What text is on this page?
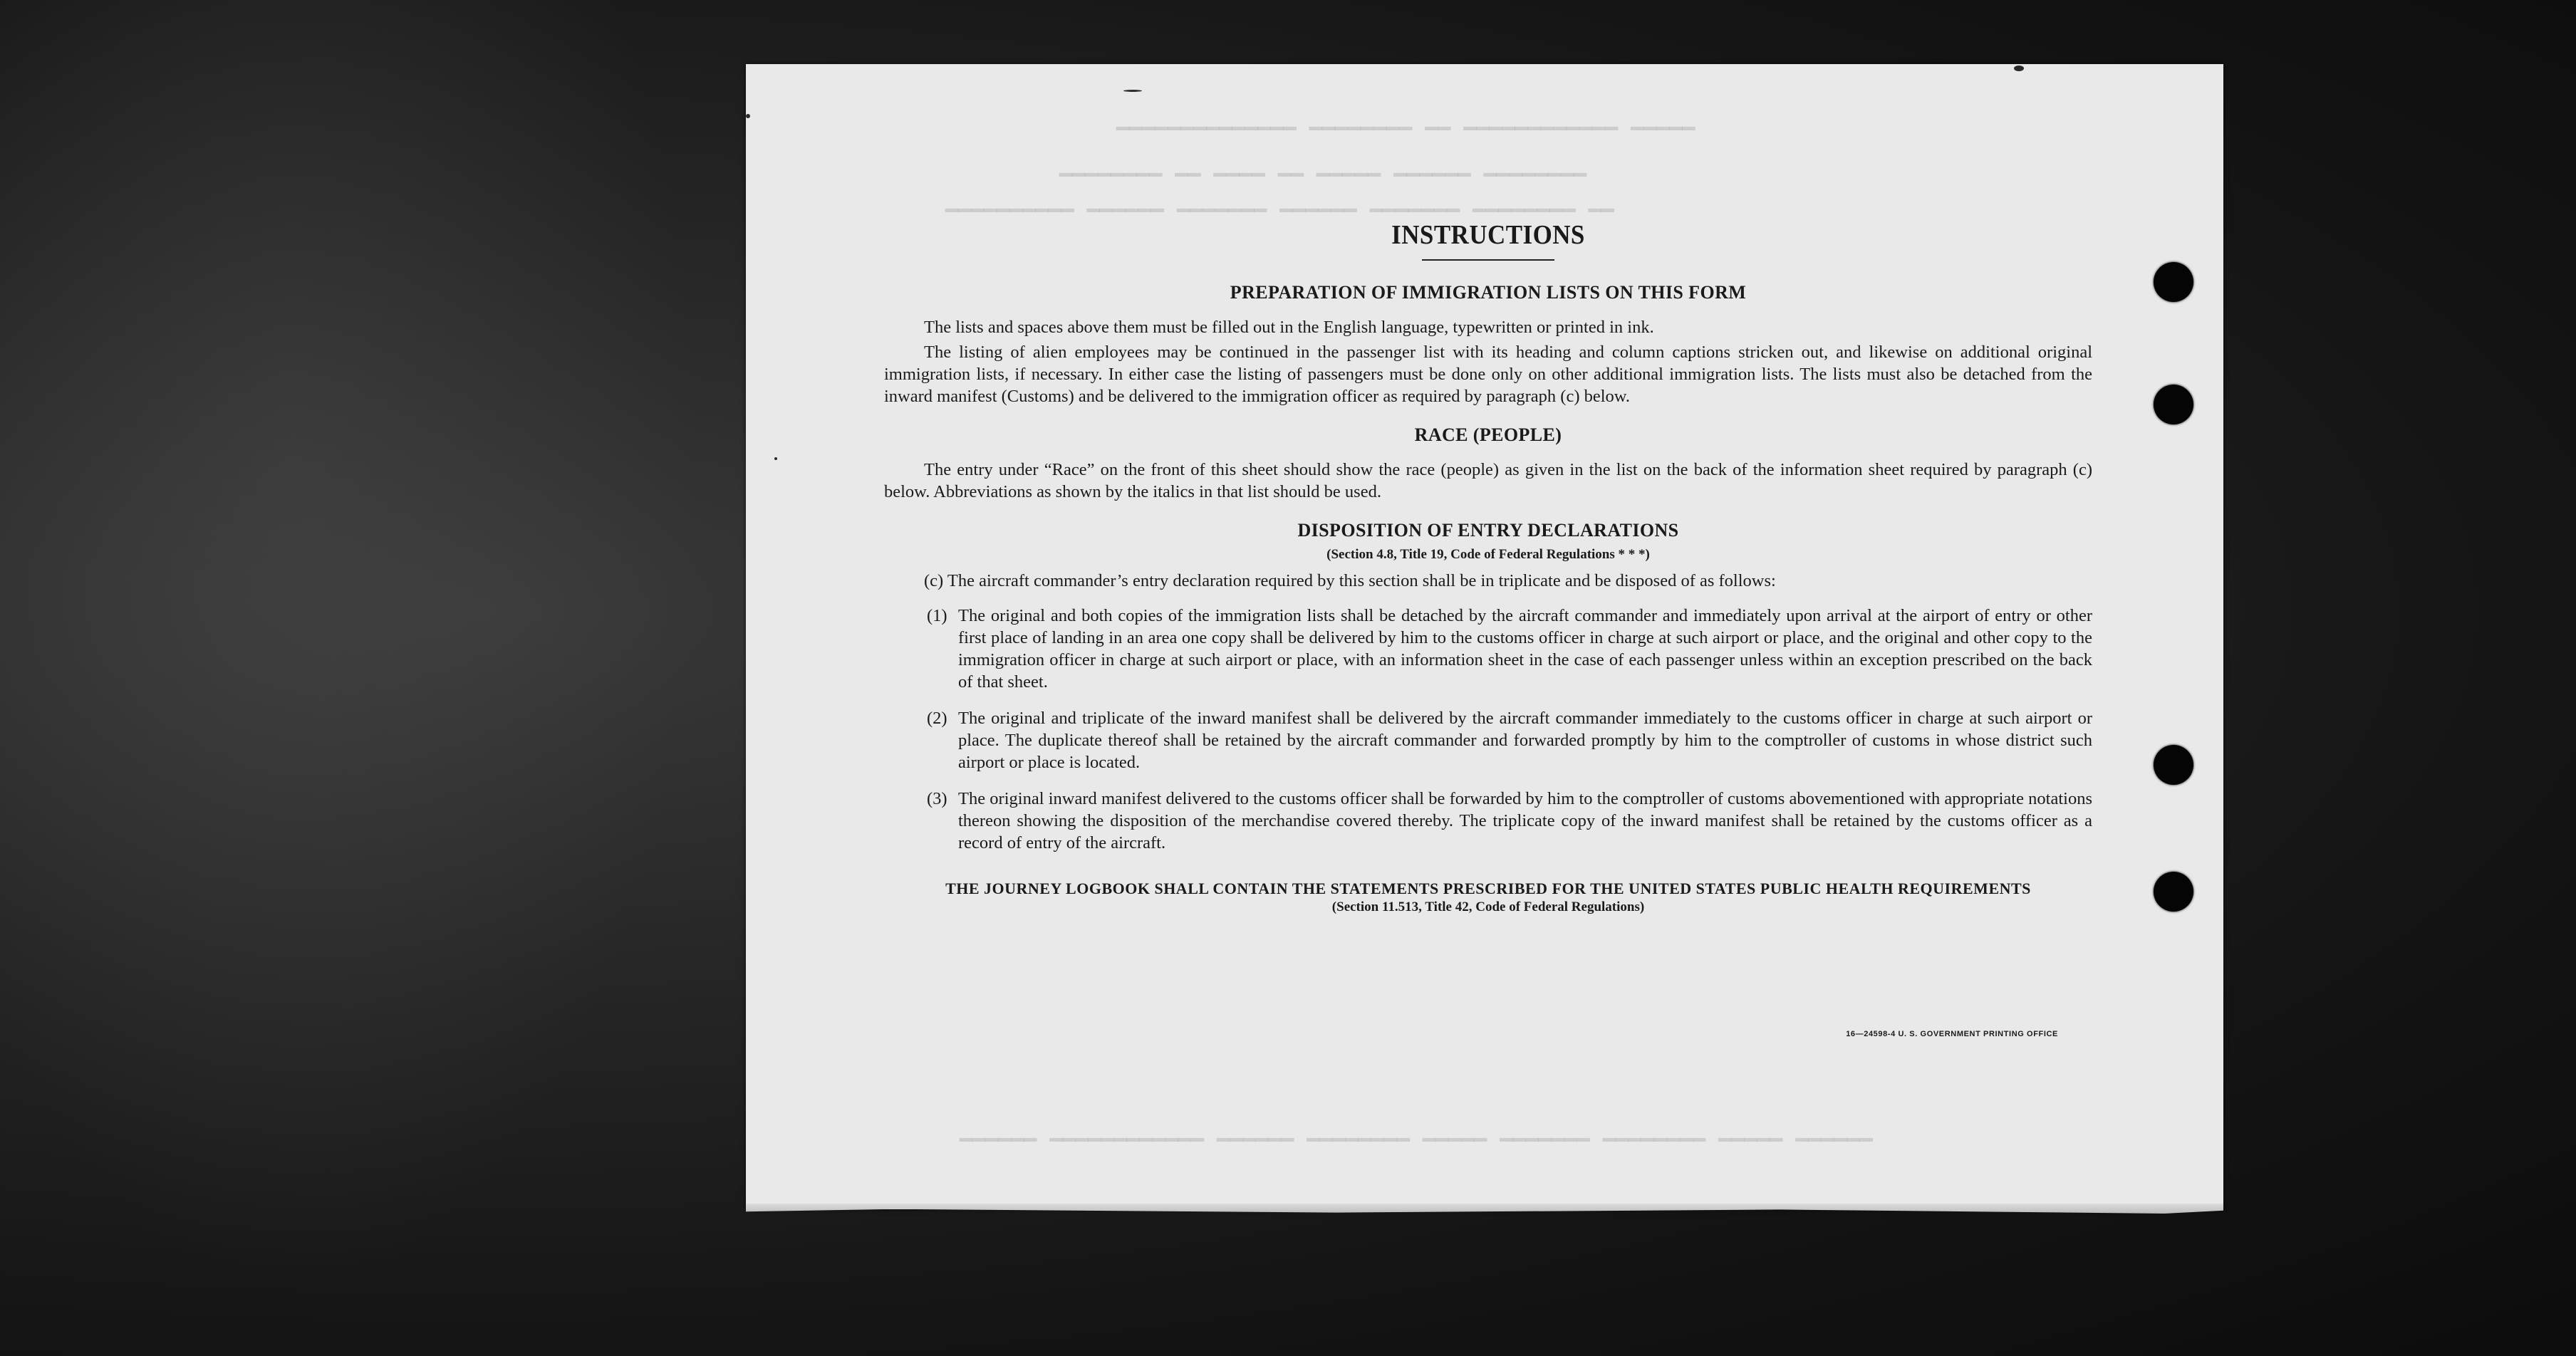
━━━━━ ━━━━━━━━━━━━ ━━ ━━━━━━━━ ━━━━━━━━━━━━━━
━━━━━━━━ ━━━━━━ ━━━━━ ━━ ━━━━ ━━ ━━━━━━━━
━━ ━━━━━━━━ ━━━━━━━ ━━━━━━ ━━━━━━━ ━━━━━━ ━━━━━━━━━━
━━━━━━ ━━━━━ ━━━━━━━━ ━━━━━━━ ━━━━━ ━━━━━━━━ ━━━━━━ ━━━━━━━━━━━━ ━━━━━━
INSTRUCTIONS
PREPARATION OF IMMIGRATION LISTS ON THIS FORM

The lists and spaces above them must be filled out in the English language, typewritten or printed in ink.

The listing of alien employees may be continued in the passenger list with its heading and column captions stricken out, and likewise on additional original immigration lists, if necessary. In either case the listing of passengers must be done only on other additional immigration lists. The lists must also be detached from the inward manifest (Customs) and be delivered to the immigration officer as required by paragraph (c) below.

RACE (PEOPLE)

The entry under “Race” on the front of this sheet should show the race (people) as given in the list on the back of the information sheet required by paragraph (c) below. Abbreviations as shown by the italics in that list should be used.

DISPOSITION OF ENTRY DECLARATIONS
(Section 4.8, Title 19, Code of Federal Regulations * * *)

(c) The aircraft commander’s entry declaration required by this section shall be in triplicate and be disposed of as follows:

(1) The original and both copies of the immigration lists shall be detached by the aircraft commander and immediately upon arrival at the airport of entry or other first place of landing in an area one copy shall be delivered by him to the customs officer in charge at such airport or place, and the original and other copy to the immigration officer in charge at such airport or place, with an information sheet in the case of each passenger unless within an exception prescribed on the back of that sheet.

(2) The original and triplicate of the inward manifest shall be delivered by the aircraft commander immediately to the customs officer in charge at such airport or place. The duplicate thereof shall be retained by the aircraft commander and forwarded promptly by him to the comptroller of customs in whose district such airport or place is located.

(3) The original inward manifest delivered to the customs officer shall be forwarded by him to the comptroller of customs abovementioned with appropriate notations thereon showing the disposition of the merchandise covered thereby. The triplicate copy of the inward manifest shall be retained by the customs officer as a record of entry of the aircraft.

THE JOURNEY LOGBOOK SHALL CONTAIN THE STATEMENTS PRESCRIBED FOR THE UNITED STATES PUBLIC HEALTH REQUIREMENTS
(Section 11.513, Title 42, Code of Federal Regulations)
16—24598-4 U. S. GOVERNMENT PRINTING OFFICE
